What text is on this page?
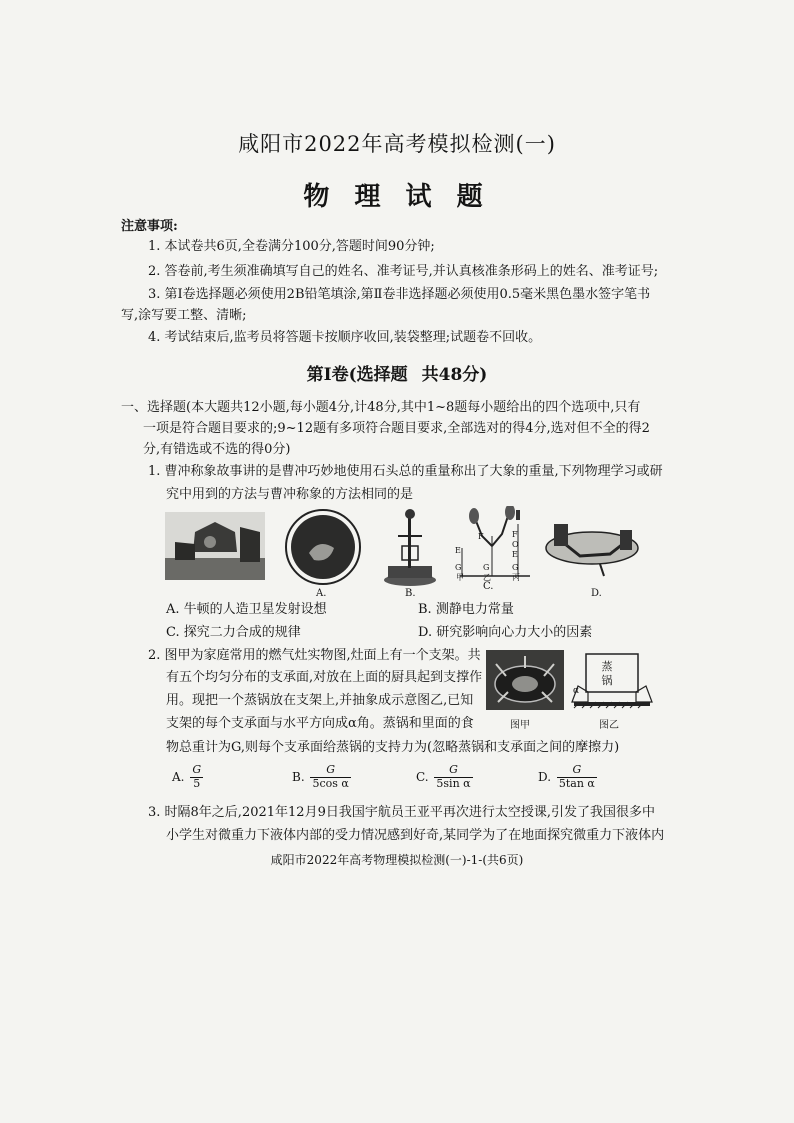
咸阳市2022年高考模拟检测(一)
物 理 试 题
注意事项:
1. 本试卷共6页,全卷满分100分,答题时间90分钟;
2. 答卷前,考生须准确填写自己的姓名、准考证号,并认真核准条形码上的姓名、准考证号;
3. 第Ⅰ卷选择题必须使用2B铅笔填涂,第Ⅱ卷非选择题必须使用0.5毫米黑色墨水签字笔书
写,涂写要工整、清晰;
4. 考试结束后,监考员将答题卡按顺序收回,装袋整理;试题卷不回收。
第Ⅰ卷(选择题 共48分)
一、选择题(本大题共12小题,每小题4分,计48分,其中1~8题每小题给出的四个选项中,只有
一项是符合题目要求的;9~12题有多项符合题目要求,全部选对的得4分,选对但不全的得2
分,有错选或不选的得0分)
1. 曹冲称象故事讲的是曹冲巧妙地使用石头总的重量称出了大象的重量,下列物理学习或研
究中用到的方法与曹冲称象的方法相同的是
A.	B.
C.
F	F
O
E	E
G	G	G
甲 乙	丙
D.
A. 牛顿的人造卫星发射设想	B. 测静电力常量
C. 探究二力合成的规律	D. 研究影响向心力大小的因素
2. 图甲为家庭常用的燃气灶实物图,灶面上有一个支架。共
有五个均匀分布的支承面,对放在上面的厨具起到支撑作
用。现把一个蒸锅放在支架上,并抽象成示意图乙,已知
支架的每个支承面与水平方向成α角。蒸锅和里面的食
物总重计为G,则每个支承面给蒸锅的支持力为(忽略蒸锅和支承面之间的摩擦力)
图甲
蒸
锅
α
图乙
A. $\frac{G}{5}$	B. $\frac{G}{\text{5cos α}}$	C. $\frac{G}{\text{5sin α}}$	D. $\frac{G}{\text{5tan α}}$
3. 时隔8年之后,2021年12月9日我国宇航员王亚平再次进行太空授课,引发了我国很多中
小学生对微重力下液体内部的受力情况感到好奇,某同学为了在地面探究微重力下液体内
咸阳市2022年高考物理模拟检测(一)-1-(共6页)
